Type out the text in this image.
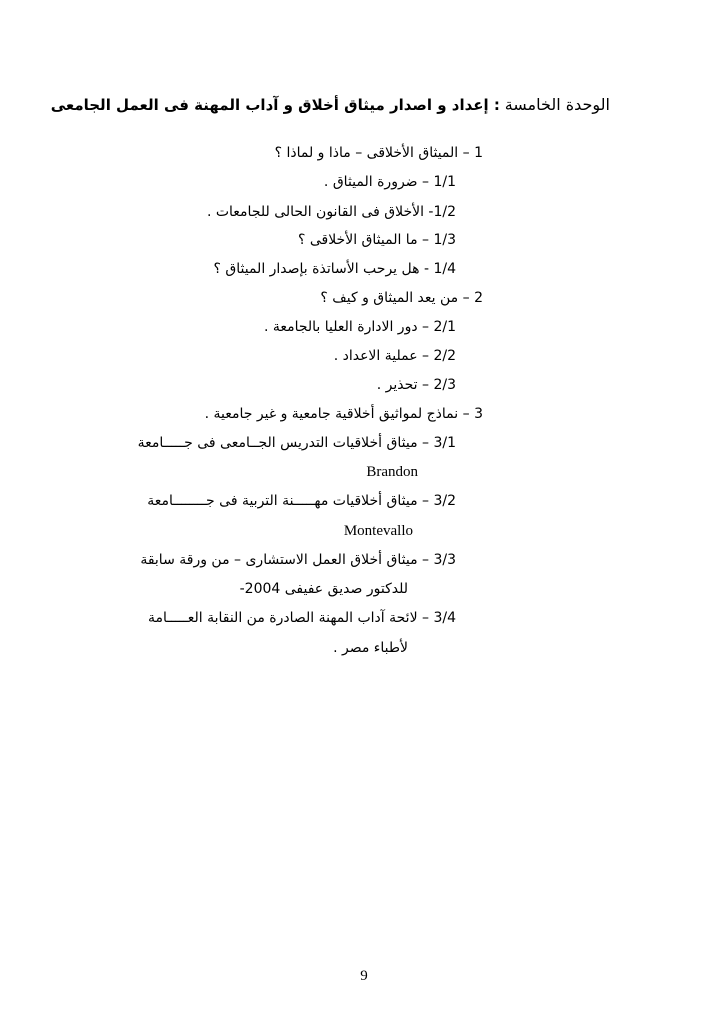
الوحدة الخامسة : إعداد و اصدار ميثاق أخلاق و آداب المهنة فى العمل الجامعى
1 – الميثاق الأخلاقى – ماذا و لماذا ؟
1/1 – ضرورة الميثاق .
1/2- الأخلاق فى القانون الحالى للجامعات .
1/3 – ما الميثاق الأخلاقى ؟
1/4 - هل يرحب الأساتذة بإصدار الميثاق ؟
2 – من يعد الميثاق و كيف ؟
2/1 – دور الادارة العليا بالجامعة .
2/2 – عملية الاعداد .
2/3 – تحذير .
3 – نماذج لمواثيق أخلاقية جامعية و غير جامعية .
3/1 – ميثاق أخلاقيات التدريس الجــامعى فى جـــــامعة
Brandon
3/2 – ميثاق أخلاقيات مهـــــنة التربية فى جــــــــامعة
Montevallo
3/3 – ميثاق أخلاق العمل الاستشارى – من ورقة سابقة
للدكتور صديق عفيفى 2004-
3/4 – لائحة آداب المهنة الصادرة من النقابة العـــــامة
لأطباء مصر .
9
